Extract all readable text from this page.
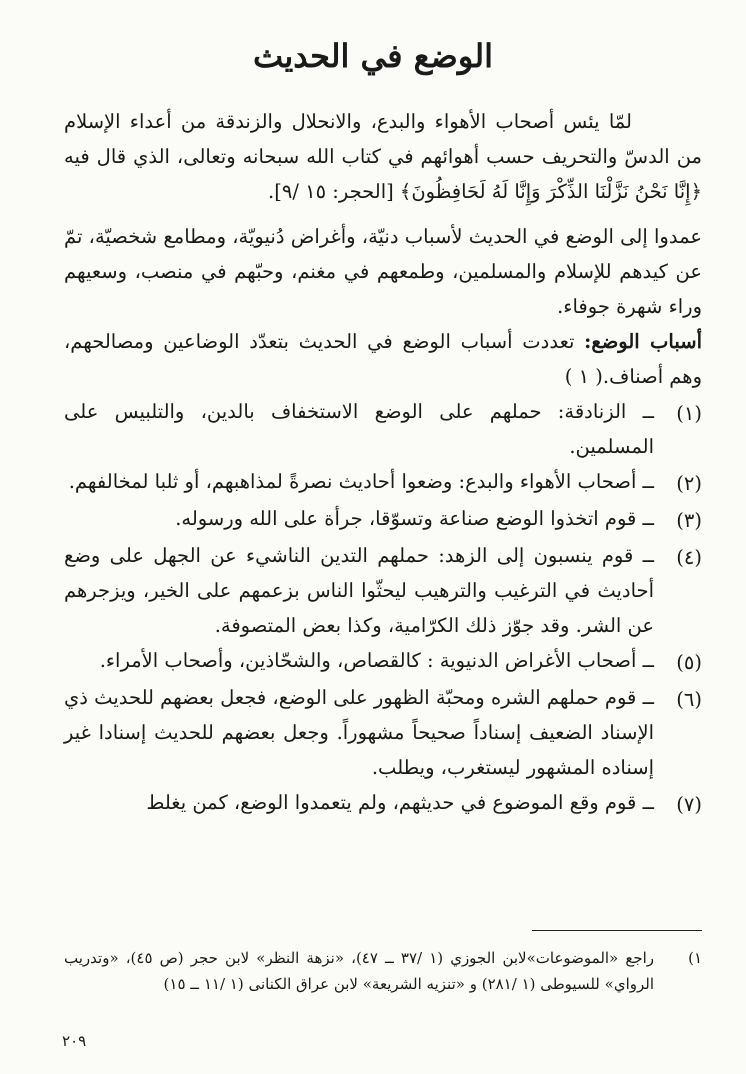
الوضع في الحديث

لمّا يئس أصحاب الأهواء والبدع، والانحلال والزندقة من أعداء الإسلام من الدسّ والتحريف حسب أهوائهم في كتاب الله سبحانه وتعالى، الذي قال فيه ﴿إِنَّا نَحْنُ نَزَّلْنَا الذِّكْرَ وَإِنَّا لَهُ لَحَافِظُونَ﴾ [الحجر: ١٥ /٩].

عمدوا إلى الوضع في الحديث لأسباب دنيّة، وأغراض دُنيويّة، ومطامع شخصيّة، تمّ عن كيدهم للإسلام والمسلمين، وطمعهم في مغنم، وحبّهم في منصب، وسعيهم وراء شهرة جوفاء.

أسباب الوضع: تعددت أسباب الوضع في الحديث بتعدّد الوضاعين ومصالحهم، وهم أصناف.( ١ )

(١)
ــ الزنادقة: حملهم على الوضع الاستخفاف بالدين، والتلبيس على المسلمين.
(٢)
ــ أصحاب الأهواء والبدع: وضعوا أحاديث نصرةً لمذاهبهم، أو ثلبا لمخالفهم.
(٣)
ــ قوم اتخذوا الوضع صناعة وتسوّقا، جرأة على الله ورسوله.
(٤)
ــ قوم ينسبون إلى الزهد: حملهم التدين الناشيء عن الجهل على وضع أحاديث في الترغيب والترهيب ليحثّوا الناس بزعمهم على الخير، ويزجرهم عن الشر. وقد جوّز ذلك الكرّامية، وكذا بعض المتصوفة.
(٥)
ــ أصحاب الأغراض الدنيوية : كالقصاص، والشحّاذين، وأصحاب الأمراء.
(٦)
ــ قوم حملهم الشره ومحبّة الظهور على الوضع، فجعل بعضهم للحديث ذي الإسناد الضعيف إسناداً صحيحاً مشهوراً. وجعل بعضهم للحديث إسنادا غير إسناده المشهور ليستغرب، ويطلب.
(٧)
ــ قوم وقع الموضوع في حديثهم، ولم يتعمدوا الوضع، كمن يغلط
١)
راجع «الموضوعات»لابن الجوزي (١ /٣٧ ــ ٤٧)، «نزهة النظر» لابن حجر (ص ٤٥)، «وتدريب الرواي» للسيوطى (١ /٢٨١) و «تنزيه الشريعة» لابن عراق الكنانى (١ /١١ ــ ١٥)
٢٠٩
